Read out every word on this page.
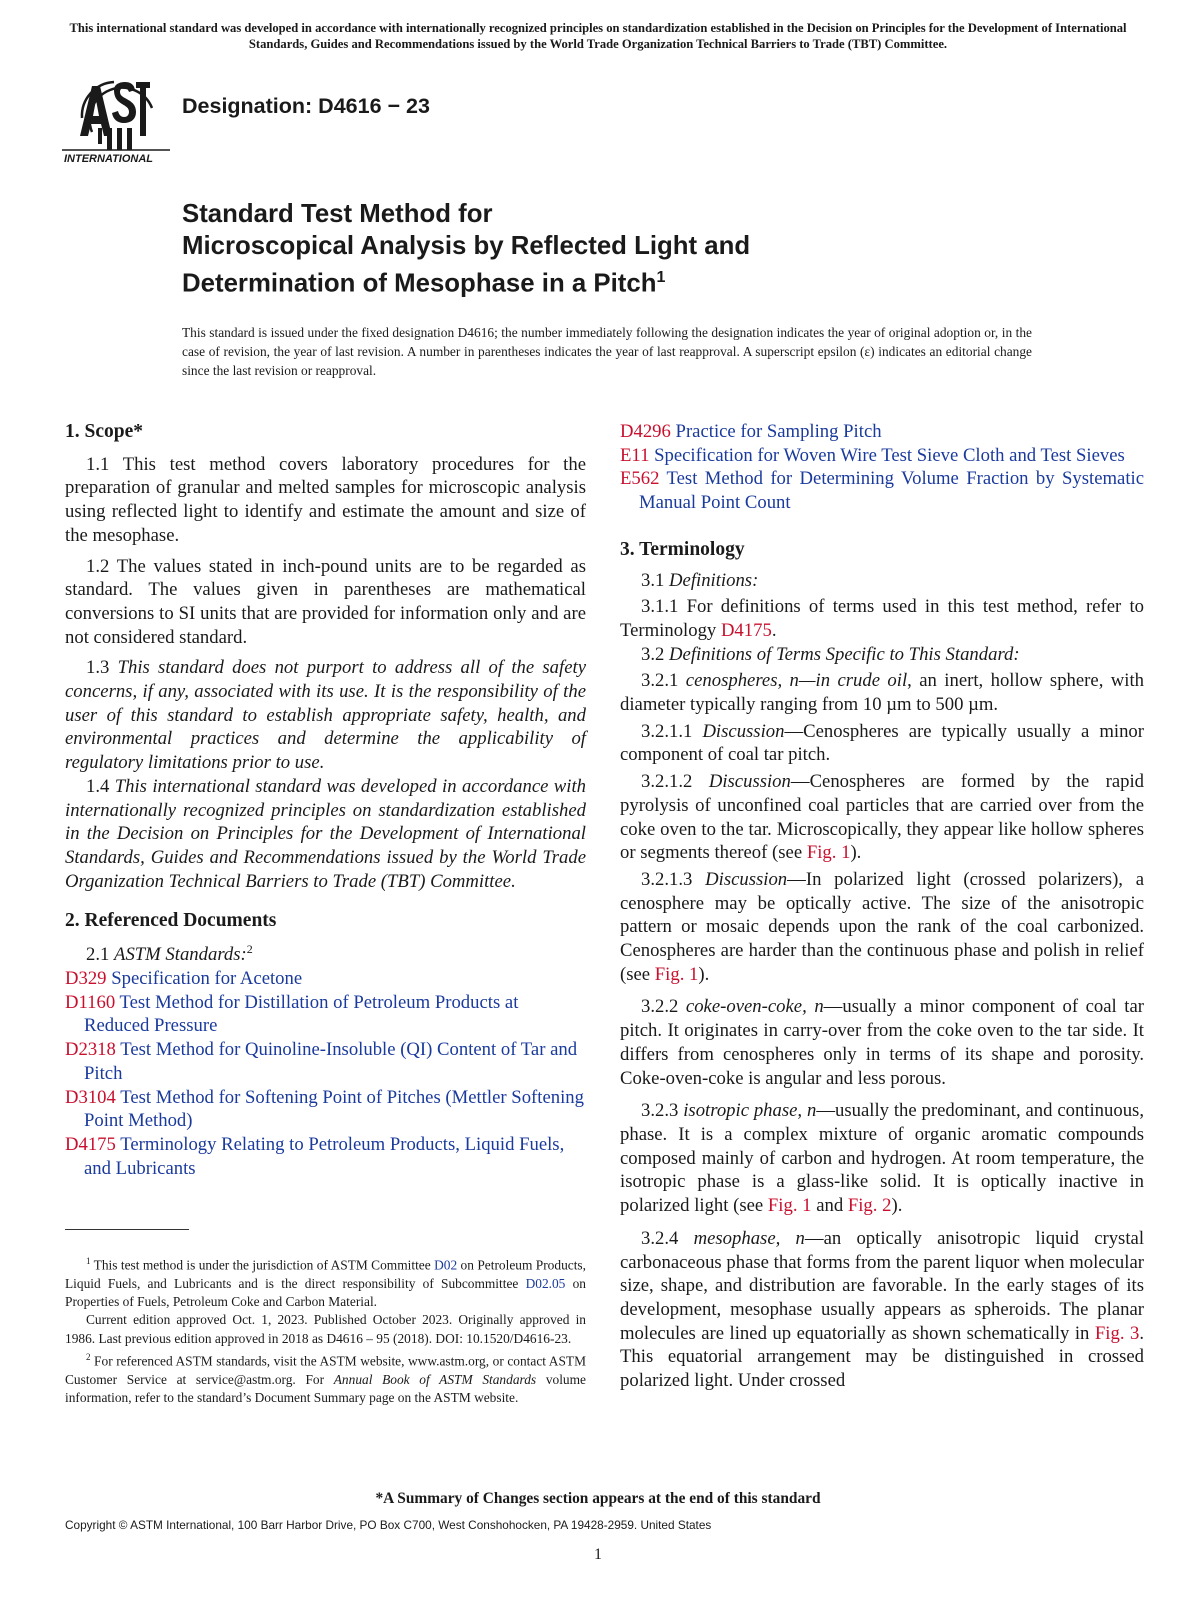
This international standard was developed in accordance with internationally recognized principles on standardization established in the Decision on Principles for the Development of International Standards, Guides and Recommendations issued by the World Trade Organization Technical Barriers to Trade (TBT) Committee.
INTERNATIONAL
Designation: D4616 − 23
Standard Test Method for
Microscopical Analysis by Reflected Light and
Determination of Mesophase in a Pitch$^1$
This standard is issued under the fixed designation D4616; the number immediately following the designation indicates the year of original adoption or, in the case of revision, the year of last revision. A number in parentheses indicates the year of last reapproval. A superscript epsilon (ε) indicates an editorial change since the last revision or reapproval.
1. Scope*

1.1 This test method covers laboratory procedures for the preparation of granular and melted samples for microscopic analysis using reflected light to identify and estimate the amount and size of the mesophase.

1.2 The values stated in inch-pound units are to be regarded as standard. The values given in parentheses are mathematical conversions to SI units that are provided for information only and are not considered standard.

1.3 This standard does not purport to address all of the safety concerns, if any, associated with its use. It is the responsibility of the user of this standard to establish appropriate safety, health, and environmental practices and determine the applicability of regulatory limitations prior to use.

1.4 This international standard was developed in accordance with internationally recognized principles on standardization established in the Decision on Principles for the Development of International Standards, Guides and Recommendations issued by the World Trade Organization Technical Barriers to Trade (TBT) Committee.

2. Referenced Documents

2.1 ASTM Standards:$^2$

D329 Specification for Acetone
D1160 Test Method for Distillation of Petroleum Products at Reduced Pressure
D2318 Test Method for Quinoline-Insoluble (QI) Content of Tar and Pitch
D3104 Test Method for Softening Point of Pitches (Mettler Softening Point Method)
D4175 Terminology Relating to Petroleum Products, Liquid Fuels, and Lubricants

$^1$ This test method is under the jurisdiction of ASTM Committee D02 on Petroleum Products, Liquid Fuels, and Lubricants and is the direct responsibility of Subcommittee D02.05 on Properties of Fuels, Petroleum Coke and Carbon Material.

Current edition approved Oct. 1, 2023. Published October 2023. Originally approved in 1986. Last previous edition approved in 2018 as D4616 – 95 (2018). DOI: 10.1520/D4616-23.

$^2$ For referenced ASTM standards, visit the ASTM website, www.astm.org, or contact ASTM Customer Service at service@astm.org. For Annual Book of ASTM Standards volume information, refer to the standard’s Document Summary page on the ASTM website.

D4296 Practice for Sampling Pitch
E11 Specification for Woven Wire Test Sieve Cloth and Test Sieves
E562 Test Method for Determining Volume Fraction by Systematic Manual Point Count
3. Terminology

3.1 Definitions:

3.1.1 For definitions of terms used in this test method, refer to Terminology D4175.

3.2 Definitions of Terms Specific to This Standard:

3.2.1 cenospheres, n—in crude oil, an inert, hollow sphere, with diameter typically ranging from 10 µm to 500 µm.

3.2.1.1 Discussion—Cenospheres are typically usually a minor component of coal tar pitch.

3.2.1.2 Discussion—Cenospheres are formed by the rapid pyrolysis of unconfined coal particles that are carried over from the coke oven to the tar. Microscopically, they appear like hollow spheres or segments thereof (see Fig. 1).

3.2.1.3 Discussion—In polarized light (crossed polarizers), a cenosphere may be optically active. The size of the anisotropic pattern or mosaic depends upon the rank of the coal carbonized. Cenospheres are harder than the continuous phase and polish in relief (see Fig. 1).

3.2.2 coke-oven-coke, n—usually a minor component of coal tar pitch. It originates in carry-over from the coke oven to the tar side. It differs from cenospheres only in terms of its shape and porosity. Coke-oven-coke is angular and less porous.

3.2.3 isotropic phase, n—usually the predominant, and continuous, phase. It is a complex mixture of organic aromatic compounds composed mainly of carbon and hydrogen. At room temperature, the isotropic phase is a glass-like solid. It is optically inactive in polarized light (see Fig. 1 and Fig. 2).

3.2.4 mesophase, n—an optically anisotropic liquid crystal carbonaceous phase that forms from the parent liquor when molecular size, shape, and distribution are favorable. In the early stages of its development, mesophase usually appears as spheroids. The planar molecules are lined up equatorially as shown schematically in Fig. 3. This equatorial arrangement may be distinguished in crossed polarized light. Under crossed

*A Summary of Changes section appears at the end of this standard
Copyright © ASTM International, 100 Barr Harbor Drive, PO Box C700, West Conshohocken, PA 19428-2959. United States
1
